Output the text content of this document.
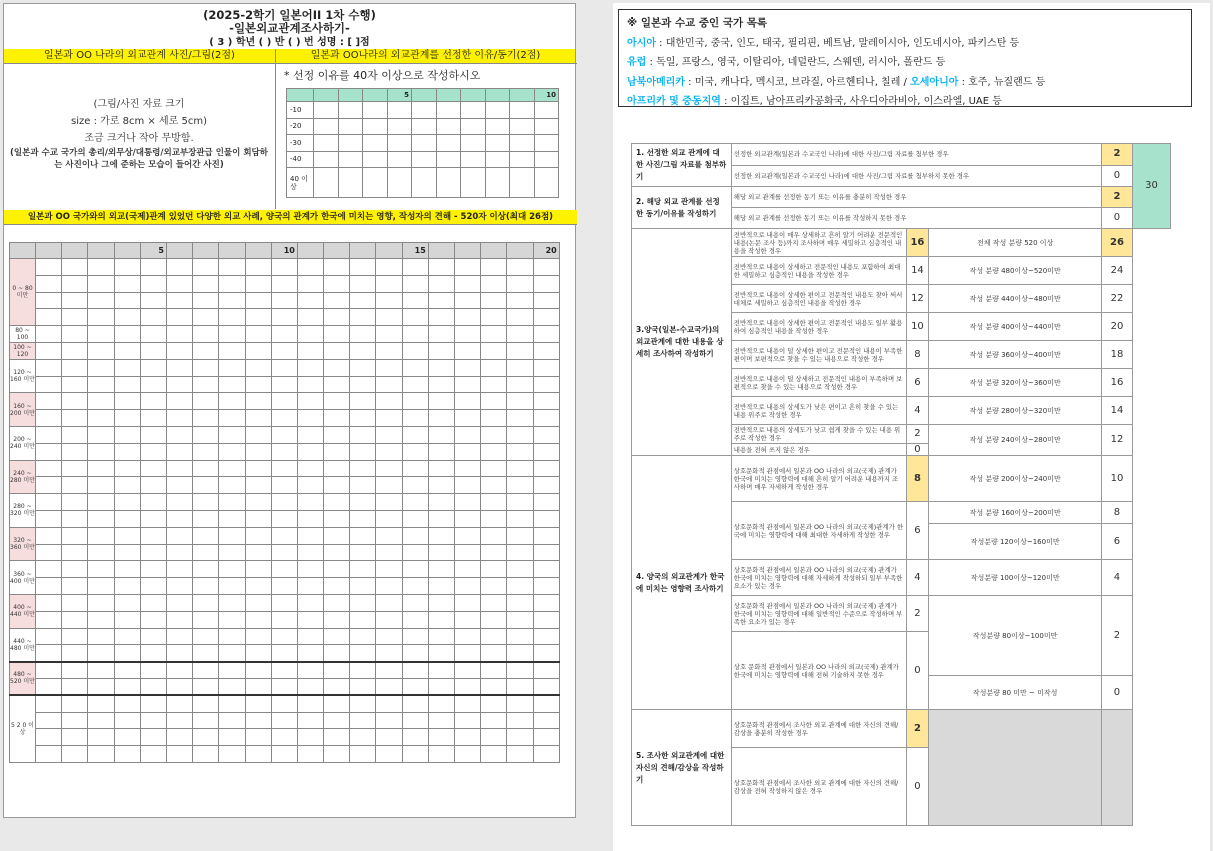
(2025-2학기 일본어II 1차 수행)
-일본외교관계조사하기-
( 3 ) 학년 ( ) 반 ( ) 번 성명 : [ ]점
일본과 OO 나라의 외교관계 사진/그림(2점)	일본과 OO나라의 외교관계를 선정한 이유/동기(2점)
(그림/사진 자료 크기
size : 가로 8cm × 세로 5cm)
조금 크거나 작아 무방함.
(일본과 수교 국가의 총리/외무상/대통령/외교부장관급 인물이 회담하는 사진이나 그에 준하는 모습이 들어간 사진)
* 선정 이유를 40자 이상으로 작성하시오
				5						10
-10										
-20										
-30										
-40										
40 이상										
일본과 OO 국가와의 외교(국제)관계 있었던 다양한 외교 사례, 양국의 관계가 한국에 미치는 영향, 작성자의 견해 - 520자 이상(최대 26점)
					5					10					15					20
0 ~ 80 미만																				

80 ~ 100																				
100 ~ 120																				
120 ~ 160 미만																				

160 ~ 200 미만																				

200 ~ 240 미만																				

240 ~ 280 미만																				

280 ~ 320 미만																				

320 ~ 360 미만																				

360 ~ 400 미만																				

400 ~ 440 미만																				

440 ~ 480 미만																				

480 ~ 520 미만																				

5 2 0 이상																				

※ 일본과 수교 중인 국가 목록
아시아 : 대한민국, 중국, 인도, 태국, 필리핀, 베트남, 말레이시아, 인도네시아, 파키스탄 등
유럽 : 독일, 프랑스, 영국, 이탈리아, 네덜란드, 스웨덴, 러시아, 폴란드 등
남북아메리카 : 미국, 캐나다, 멕시코, 브라질, 아르헨티나, 칠레 / 오세아니아 : 호주, 뉴질랜드 등
아프리카 및 중동지역 : 이집트, 남아프리카공화국, 사우디아라비아, 이스라엘, UAE 등
1. 선정한 외교 관계에 대한 사진/그림 자료를 첨부하기	선정한 외교관계(일본과 수교국인 나라)에 대한 사진/그림 자료를 첨부한 경우			2	30
	선정한 외교관계(일본과 수교국인 나라)에 대한 사진/그림 자료를 첨부하지 못한 경우			0	
2. 해당 외교 관계를 선정한 동기/이유를 작성하기	해당 외교 관계를 선정한 동기 또는 이유를 충분히 작성한 경우			2	
	해당 외교 관계를 선정한 동기 또는 이유를 작성하지 못한 경우			0	
3.양국(일본-수교국가)의 외교관계에 대한 내용을 상세히 조사하여 작성하기	전반적으로 내용이 매우 상세하고 흔히 알기 어려운 전문적인 내용(논문 조사 등)까지 조사하며 매우 세밀하고 심층적인 내용을 작성한 경우	16	전체 작성 분량 520 이상	26	
	전반적으로 내용이 상세하고 전문적인 내용도 포함하여 최대한 세밀하고 심층적인 내용을 작성한 경우	14	작성 분량 480이상~520미만	24	
	전반적으로 내용이 상세한 편이고 전문적인 내용도 찾아 써서 대체로 세밀하고 심층적인 내용을 작성한 경우	12	작성 분량 440이상~480미만	22	
	전반적으로 내용이 상세한 편이고 전문적인 내용도 일부 활용하여 심층적인 내용을 작성한 경우	10	작성 분량 400이상~440미만	20	
	전반적으로 내용이 덜 상세한 편이고 전문적인 내용이 부족한 편이며 보편적으로 찾을 수 있는 내용으로 작성한 경우	8	작성 분량 360이상~400미만	18	
	전반적으로 내용이 덜 상세하고 전문적인 내용이 부족하며 보편적으로 찾을 수 있는 내용으로 작성한 경우	6	작성 분량 320이상~360미만	16	
	전반적으로 내용의 상세도가 낮은 편이고 흔히 찾을 수 있는 내용 위주로 작성한 경우	4	작성 분량 280이상~320미만	14	
	전반적으로 내용의 상세도가 낮고 쉽게 찾을 수 있는 내용 위주로 작성한 경우	2	작성 분량 240이상~280미만	12	
	내용을 전혀 쓰지 않은 경우	0			
4. 양국의 외교관계가 한국에 미치는 영향력 조사하기	상호문화적 관점에서 일본과 OO 나라의 외교(국제) 관계가 한국에 미치는 영향력에 대해 흔히 알기 어려운 내용까지 조사하며 매우 자세하게 작성한 경우	8	작성 분량 200이상~240미만	10	
	상호문화적 관점에서 일본과 OO 나라의 외교(국제)관계가 한국에 미치는 영향력에 대해 최대한 자세하게 작성한 경우	6	작성 분량 160이상~200미만	8	
			작성분량 120이상~160미만	6	
	상호문화적 관점에서 일본과 OO 나라의 외교(국제) 관계가 한국에 미치는 영향력에 대해 자세하게 작성하되 일부 부족한 요소가 있는 경우	4	작성분량 100이상~120미만	4	
	상호문화적 관점에서 일본과 OO 나라의 외교(국제) 관계가 한국에 미치는 영향력에 대해 일반적인 수준으로 작성하며 부족한 요소가 있는 경우	2	작성분량 80이상~100미만	2	
	상호 문화적 관점에서 일본과 OO 나라의 외교(국제) 관계가 한국에 미치는 영향력에 대해 전혀 기술하지 못한 경우	0			
			작성분량 80 미만 ~ 미작성	0	
5. 조사한 외교관계에 대한 자신의 견해/감상을 작성하기	상호문화적 관점에서 조사한 외교 관계에 대한 자신의 견해/감상을 충분히 작성한 경우	2			
	상호문화적 관점에서 조사한 외교 관계에 대한 자신의 견해/감상을 전혀 작성하지 않은 경우	0			
